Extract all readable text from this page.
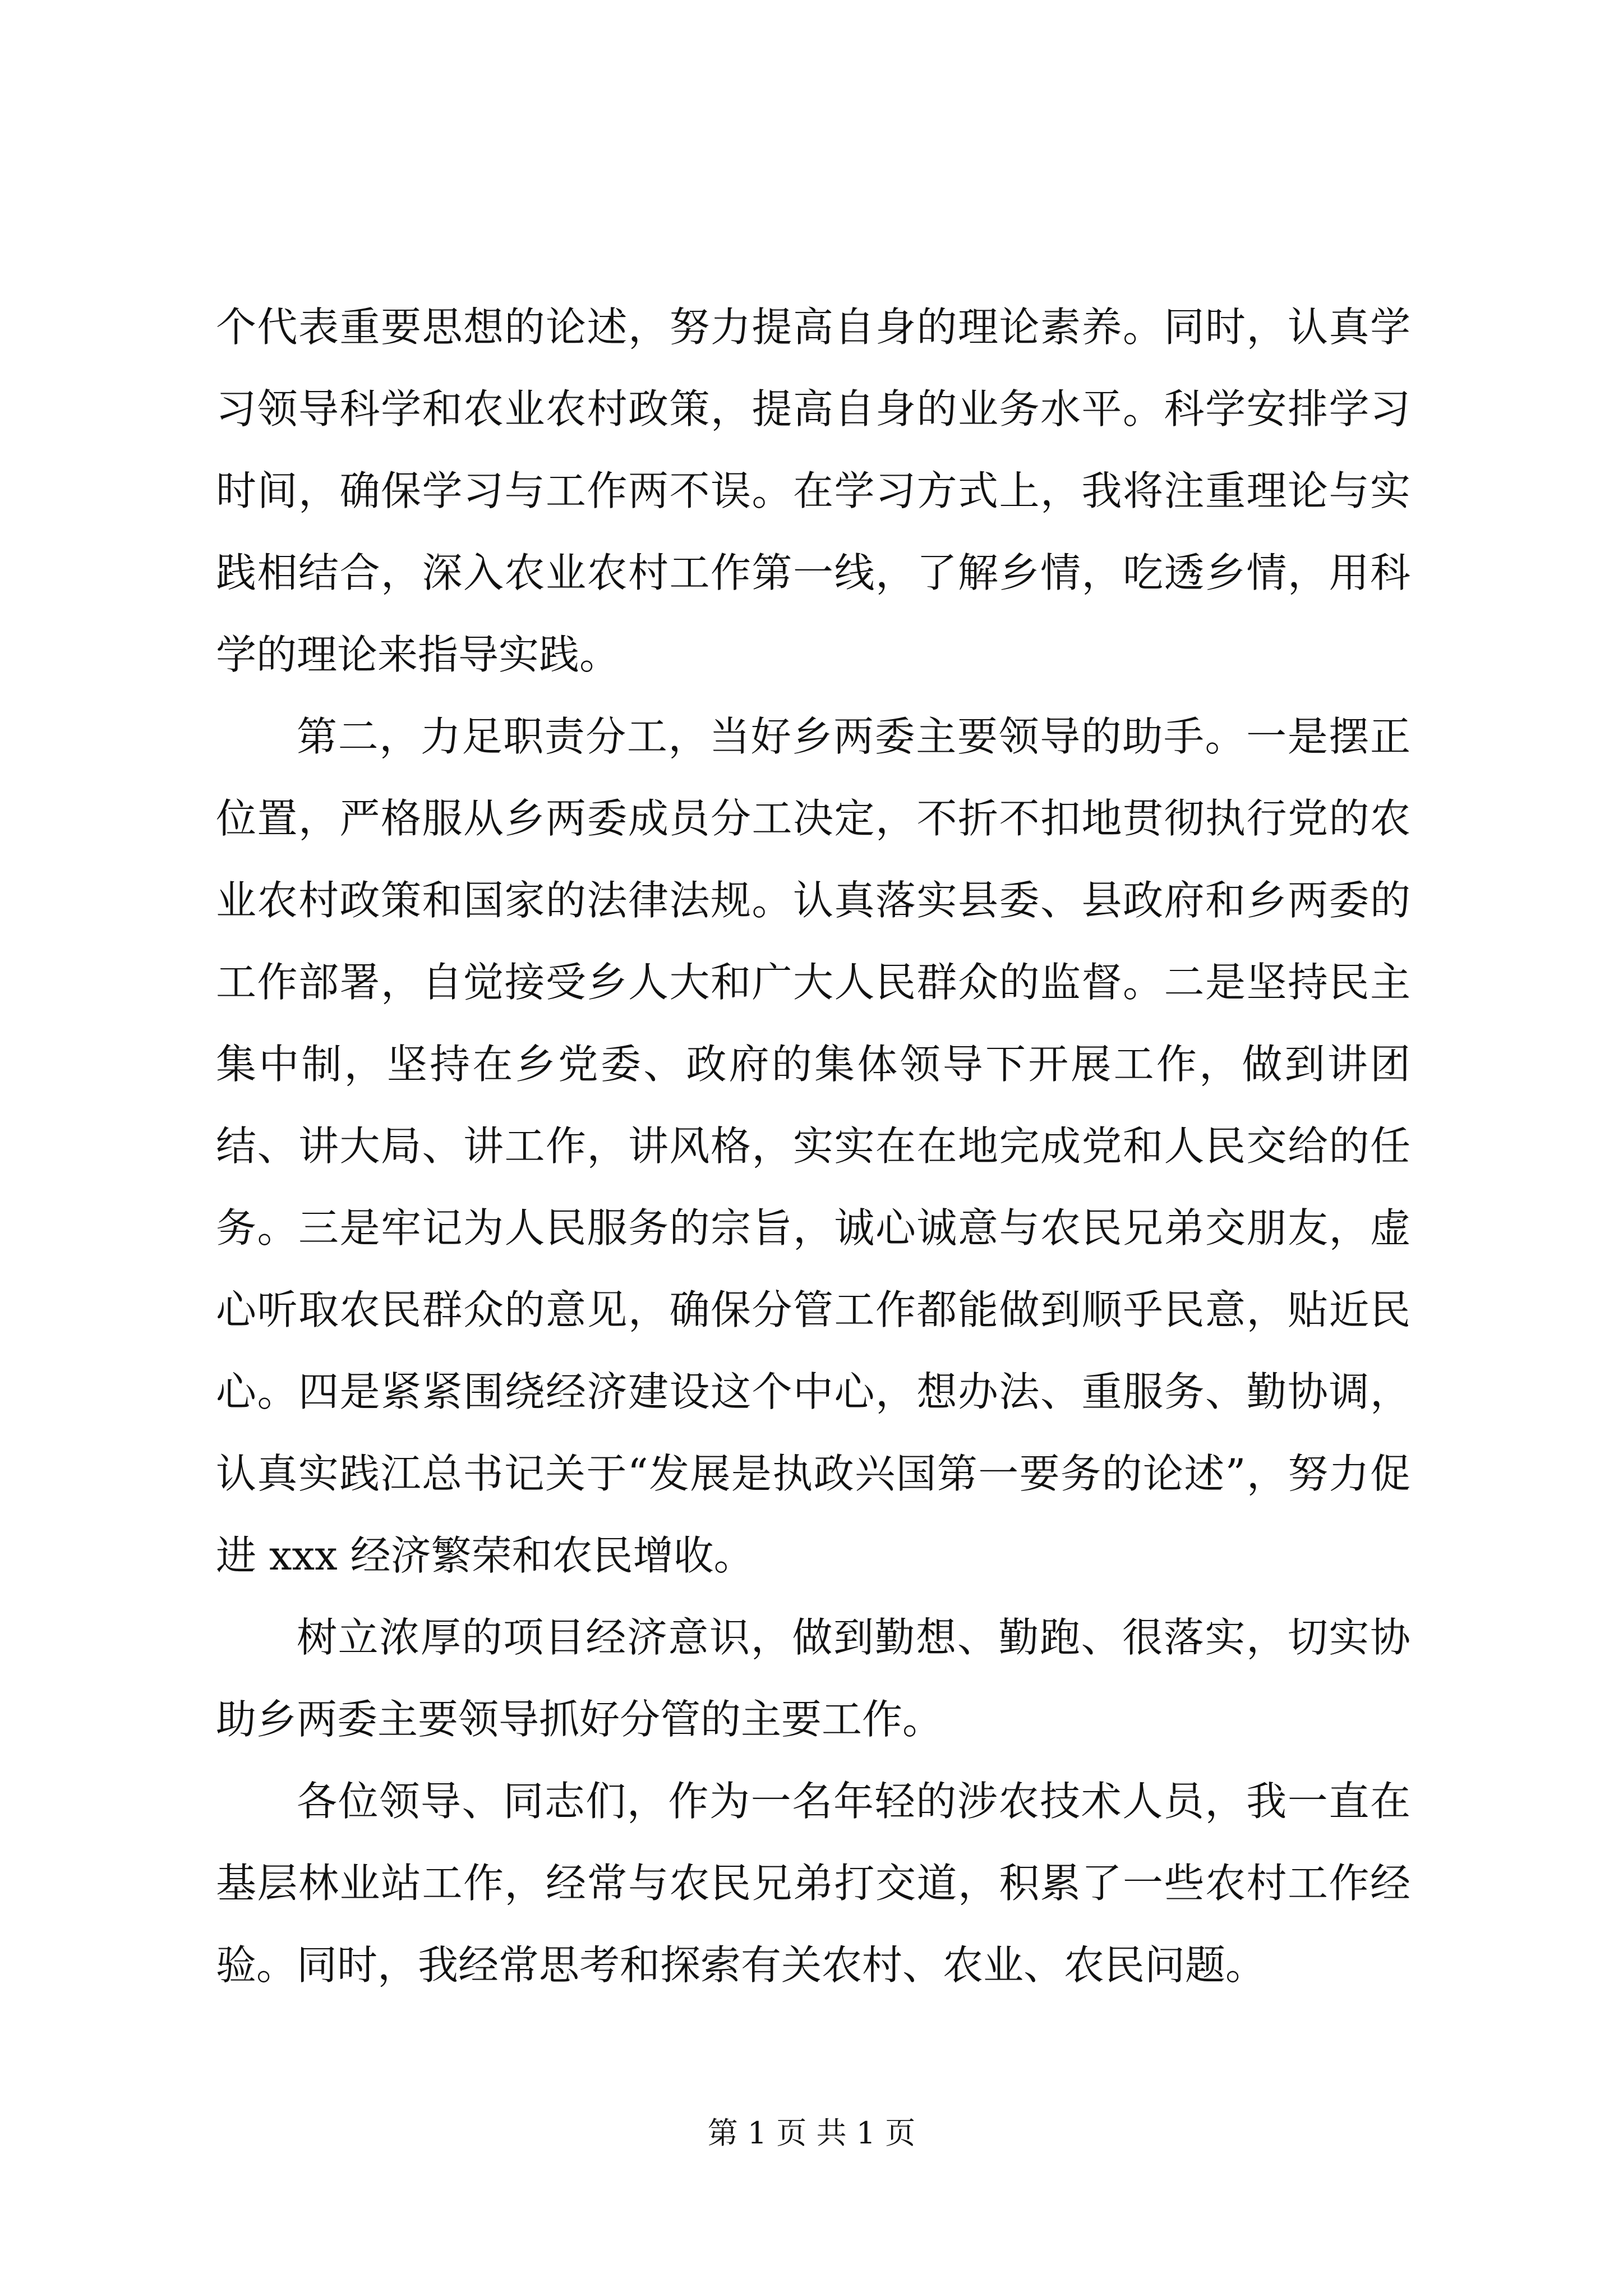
个代表重要思想的论述，努力提高自身的理论素养。同时，认真学习领导科学和农业农村政策，提高自身的业务水平。科学安排学习时间，确保学习与工作两不误。在学习方式上，我将注重理论与实践相结合，深入农业农村工作第一线，了解乡情，吃透乡情，用科学的理论来指导实践。

第二，力足职责分工，当好乡两委主要领导的助手。一是摆正位置，严格服从乡两委成员分工决定，不折不扣地贯彻执行党的农业农村政策和国家的法律法规。认真落实县委、县政府和乡两委的工作部署，自觉接受乡人大和广大人民群众的监督。二是坚持民主集中制，坚持在乡党委、政府的集体领导下开展工作，做到讲团结、讲大局、讲工作，讲风格，实实在在地完成党和人民交给的任务。三是牢记为人民服务的宗旨，诚心诚意与农民兄弟交朋友，虚心听取农民群众的意见，确保分管工作都能做到顺乎民意，贴近民心。四是紧紧围绕经济建设这个中心，想办法、重服务、勤协调，认真实践江总书记关于“发展是执政兴国第一要务的论述”，努力促进 xxx 经济繁荣和农民增收。

树立浓厚的项目经济意识，做到勤想、勤跑、很落实，切实协助乡两委主要领导抓好分管的主要工作。

各位领导、同志们，作为一名年轻的涉农技术人员，我一直在基层林业站工作，经常与农民兄弟打交道，积累了一些农村工作经验。同时，我经常思考和探索有关农村、农业、农民问题。

第 1 页 共 1 页
